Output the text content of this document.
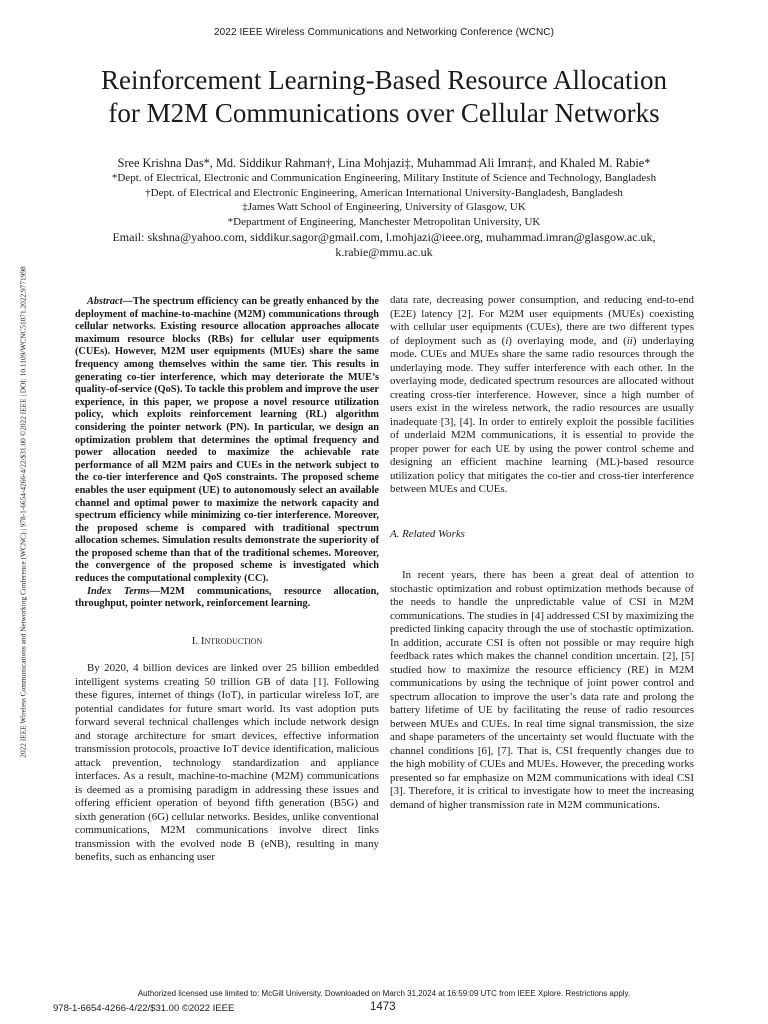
2022 IEEE Wireless Communications and Networking Conference (WCNC)
2022 IEEE Wireless Communications and Networking Conference (WCNC) | 978-1-6654-4266-4/22/$31.00 ©2022 IEEE | DOI: 10.1109/WCNC51071.2022.9771998
Reinforcement Learning-Based Resource Allocation
for M2M Communications over Cellular Networks
Sree Krishna Das*, Md. Siddikur Rahman†, Lina Mohjazi‡, Muhammad Ali Imran‡, and Khaled M. Rabie*
*Dept. of Electrical, Electronic and Communication Engineering, Military Institute of Science and Technology, Bangladesh
†Dept. of Electrical and Electronic Engineering, American International University-Bangladesh, Bangladesh
‡James Watt School of Engineering, University of Glasgow, UK
*Department of Engineering, Manchester Metropolitan University, UK
Email: skshna@yahoo.com, siddikur.sagor@gmail.com, l.mohjazi@ieee.org, muhammad.imran@glasgow.ac.uk,
k.rabie@mmu.ac.uk

Abstract—The spectrum efficiency can be greatly enhanced by the deployment of machine-to-machine (M2M) communications through cellular networks. Existing resource allocation approaches allocate maximum resource blocks (RBs) for cellular user equipments (CUEs). However, M2M user equipments (MUEs) share the same frequency among themselves within the same tier. This results in generating co-tier interference, which may deteriorate the MUE’s quality-of-service (QoS). To tackle this problem and improve the user experience, in this paper, we propose a novel resource utilization policy, which exploits reinforcement learning (RL) algorithm considering the pointer network (PN). In particular, we design an optimization problem that determines the optimal frequency and power allocation needed to maximize the achievable rate performance of all M2M pairs and CUEs in the network subject to the co-tier interference and QoS constraints. The proposed scheme enables the user equipment (UE) to autonomously select an available channel and optimal power to maximize the network capacity and spectrum efficiency while minimizing co-tier interference. Moreover, the proposed scheme is compared with traditional spectrum allocation schemes. Simulation results demonstrate the superiority of the proposed scheme than that of the traditional schemes. Moreover, the convergence of the proposed scheme is investigated which reduces the computational complexity (CC).

Index Terms—M2M communications, resource allocation, throughput, pointer network, reinforcement learning.

I. Introduction

By 2020, 4 billion devices are linked over 25 billion embedded intelligent systems creating 50 trillion GB of data [1]. Following these figures, internet of things (IoT), in particular wireless IoT, are potential candidates for future smart world. Its vast adoption puts forward several technical challenges which include network design and storage architecture for smart devices, effective information transmission protocols, proactive IoT device identification, malicious attack prevention, technology standardization and appliance interfaces. As a result, machine-to-machine (M2M) communications is deemed as a promising paradigm in addressing these issues and offering efficient operation of beyond fifth generation (B5G) and sixth generation (6G) cellular networks. Besides, unlike conventional communications, M2M communications involve direct links transmission with the evolved node B (eNB), resulting in many benefits, such as enhancing user

data rate, decreasing power consumption, and reducing end-to-end (E2E) latency [2]. For M2M user equipments (MUEs) coexisting with cellular user equipments (CUEs), there are two different types of deployment such as (i) overlaying mode, and (ii) underlaying mode. CUEs and MUEs share the same radio resources through the underlaying mode. They suffer interference with each other. In the overlaying mode, dedicated spectrum resources are allocated without creating cross-tier interference. However, since a high number of users exist in the wireless network, the radio resources are usually inadequate [3], [4]. In order to entirely exploit the possible facilities of underlaid M2M communications, it is essential to provide the proper power for each UE by using the power control scheme and designing an efficient machine learning (ML)-based resource utilization policy that mitigates the co-tier and cross-tier interference between MUEs and CUEs.

A. Related Works

In recent years, there has been a great deal of attention to stochastic optimization and robust optimization methods because of the needs to handle the unpredictable value of CSI in M2M communications. The studies in [4] addressed CSI by maximizing the predicted linking capacity through the use of stochastic optimization. In addition, accurate CSI is often not possible or may require high feedback rates which makes the channel condition uncertain. [2], [5] studied how to maximize the resource efficiency (RE) in M2M communications by using the technique of joint power control and spectrum allocation to improve the user’s data rate and prolong the battery lifetime of UE by facilitating the reuse of radio resources between MUEs and CUEs. In real time signal transmission, the size and shape parameters of the uncertainty set would fluctuate with the channel conditions [6], [7]. That is, CSI frequently changes due to the high mobility of CUEs and MUEs. However, the preceding works presented so far emphasize on M2M communications with ideal CSI [3]. Therefore, it is critical to investigate how to meet the increasing demand of higher transmission rate in M2M communications.

Authorized licensed use limited to: McGill University. Downloaded on March 31,2024 at 16:59:09 UTC from IEEE Xplore. Restrictions apply.
978-1-6654-4266-4/22/$31.00 ©2022 IEEE	1473
